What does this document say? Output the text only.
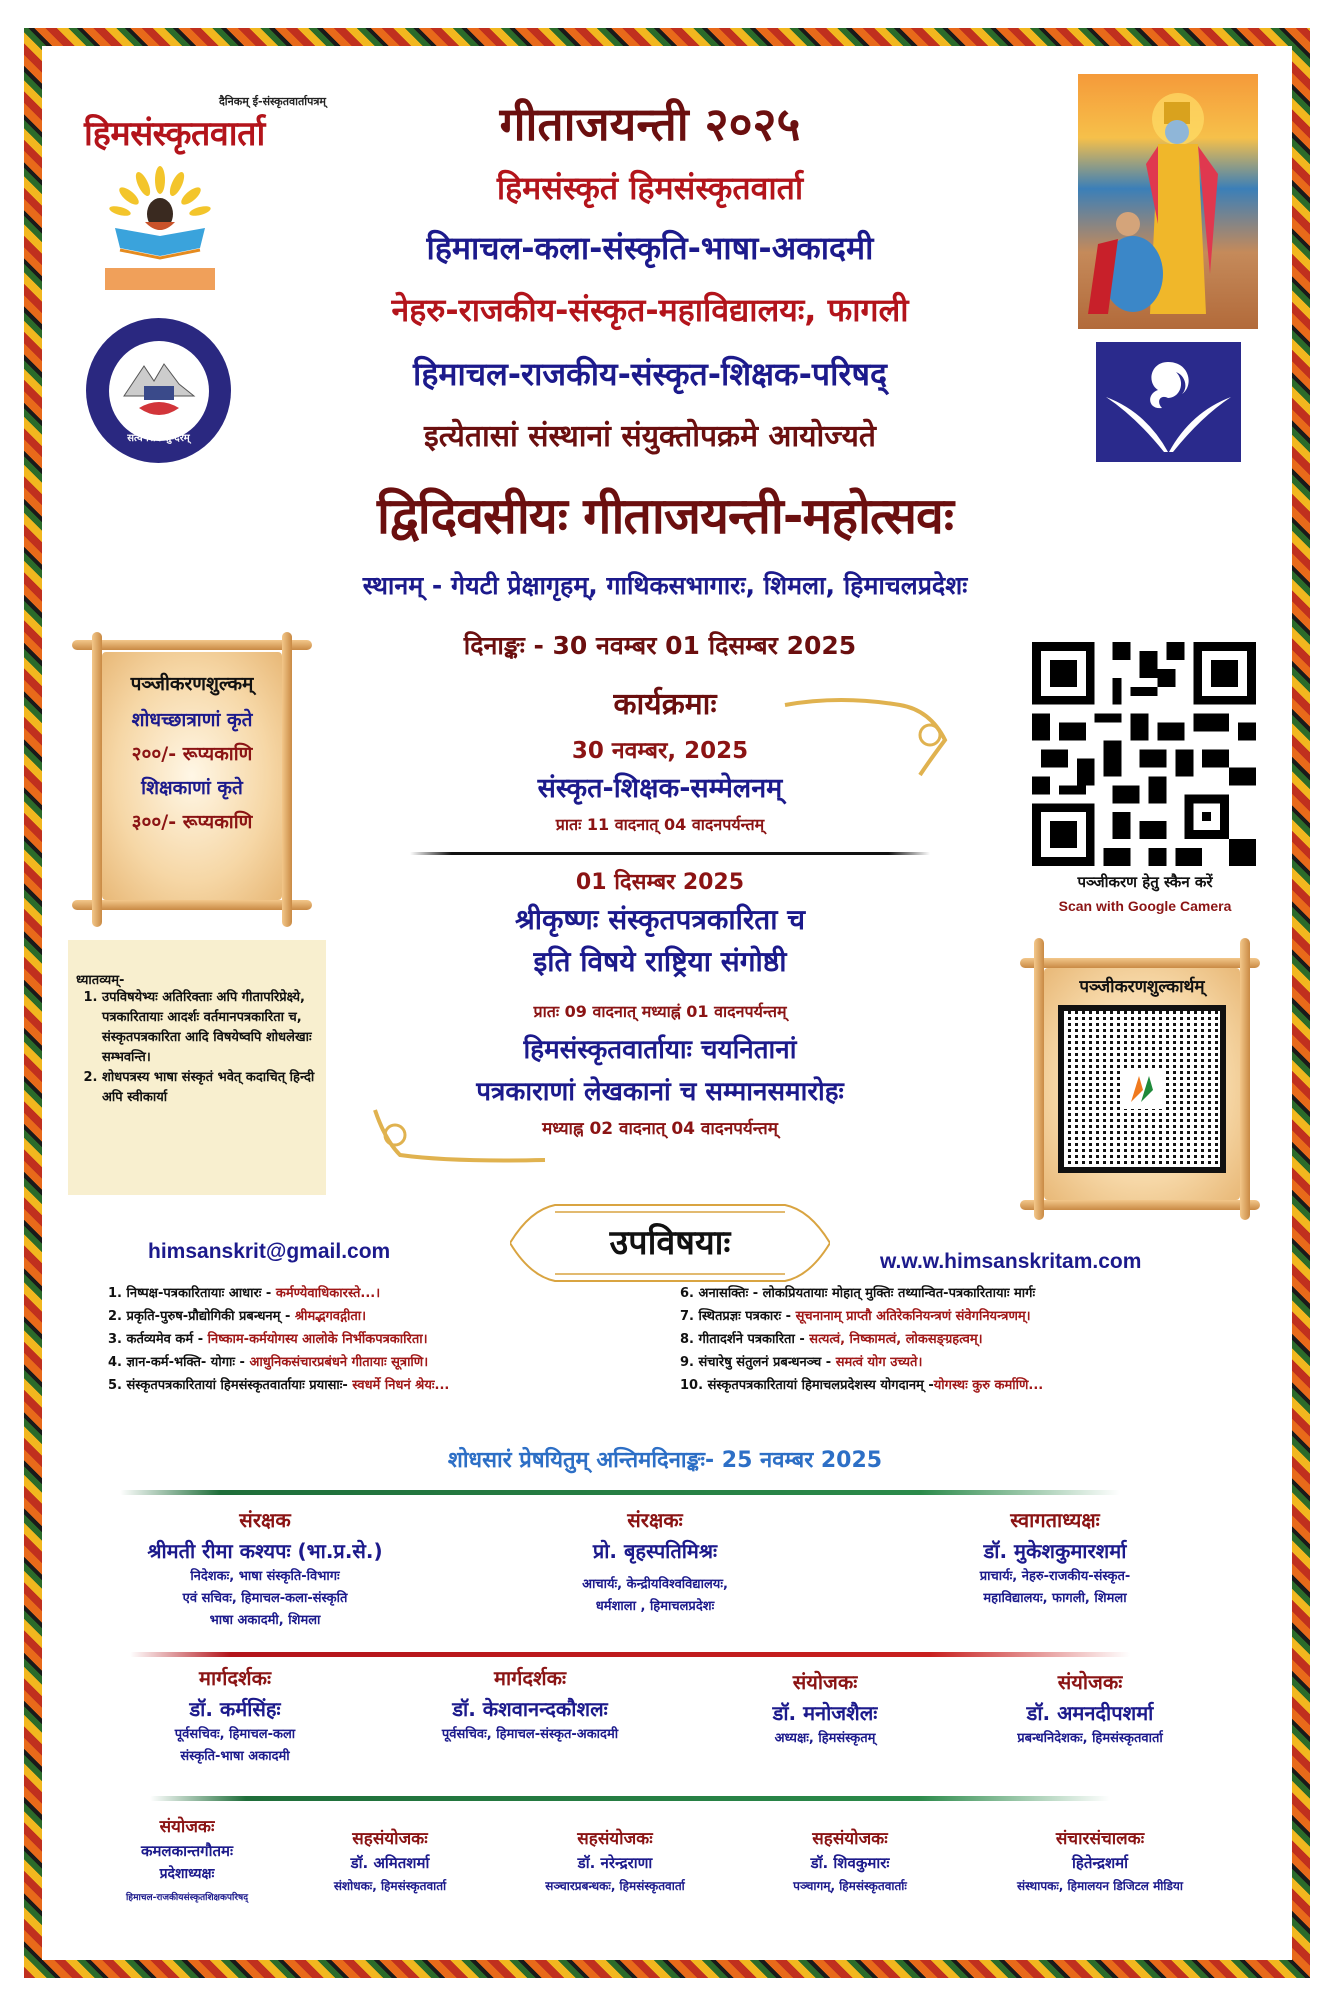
दैनिकम् ई-संस्कृतवार्तापत्रम्
हिमसंस्कृतवार्ता
सत्यं शिवं सुन्दरम्
गीताजयन्ती २०२५
हिमसंस्कृतं हिमसंस्कृतवार्ता
हिमाचल-कला-संस्कृति-भाषा-अकादमी
नेहरु-राजकीय-संस्कृत-महाविद्यालयः, फागली
हिमाचल-राजकीय-संस्कृत-शिक्षक-परिषद्
इत्येतासां संस्थानां संयुक्तोपक्रमे आयोज्यते
द्विदिवसीयः गीताजयन्ती-महोत्सवः
स्थानम् - गेयटी प्रेक्षागृहम्, गाथिकसभागारः, शिमला, हिमाचलप्रदेशः
दिनाङ्कः - 30 नवम्बर 01 दिसम्बर 2025
पञ्जीकरणशुल्कम्
शोधच्छात्राणां कृते
२००/- रूप्यकाणि
शिक्षकाणां कृते
३००/- रूप्यकाणि
ध्यातव्यम्-
1. उपविषयेभ्यः अतिरिक्ताः अपि गीतापरिप्रेक्ष्ये, पत्रकारितायाः आदर्शः वर्तमानपत्रकारिता च, संस्कृतपत्रकारिता आदि विषयेष्वपि शोधलेखाः सम्भवन्ति।
2. शोधपत्रस्य भाषा संस्कृतं भवेत् कदाचित् हिन्दी अपि स्वीकार्या
कार्यक्रमाः
30 नवम्बर, 2025
संस्कृत-शिक्षक-सम्मेलनम्
प्रातः 11 वादनात् 04 वादनपर्यन्तम्
01 दिसम्बर 2025
श्रीकृष्णः संस्कृतपत्रकारिता च
इति विषये राष्ट्रिया संगोष्ठी
प्रातः 09 वादनात् मध्याह्नं 01 वादनपर्यन्तम्
हिमसंस्कृतवार्तायाः चयनितानां
पत्रकाराणां लेखकानां च सम्मानसमारोहः
मध्याह्न 02 वादनात् 04 वादनपर्यन्तम्
पञ्जीकरण हेतु स्कैन करें
Scan with Google Camera
पञ्जीकरणशुल्कार्थम्
himsanskrit@gmail.com	w.w.w.himsanskritam.com
उपविषयाः
1. निष्पक्ष-पत्रकारितायाः आधारः - कर्मण्येवाधिकारस्ते...।
2. प्रकृति-पुरुष-प्रौद्योगिकी प्रबन्धनम् - श्रीमद्भगवद्गीता।
3. कर्तव्यमेव कर्म - निष्काम-कर्मयोगस्य आलोके निर्भीकपत्रकारिता।
4. ज्ञान-कर्म-भक्ति- योगाः - आधुनिकसंचारप्रबंधने गीतायाः सूत्राणि।
5. संस्कृतपत्रकारितायां हिमसंस्कृतवार्तायाः प्रयासाः- स्वधर्मे निधनं श्रेयः...
6. अनासक्तिः - लोकप्रियतायाः मोहात् मुक्तिः तथ्यान्वित-पत्रकारितायाः मार्गः
7. स्थितप्रज्ञः पत्रकारः - सूचनानाम् प्राप्तौ अतिरेकनियन्त्रणं संवेगनियन्त्रणम्।
8. गीतादर्शने पत्रकारिता - सत्यत्वं, निष्कामत्वं, लोकसङ्ग्रहत्वम्।
9. संचारेषु संतुलनं प्रबन्धनञ्च - समत्वं योग उच्यते।
10. संस्कृतपत्रकारितायां हिमाचलप्रदेशस्य योगदानम् -योगस्थः कुरु कर्माणि...
शोधसारं प्रेषयितुम् अन्तिमदिनाङ्कः- 25 नवम्बर 2025
संरक्षक
श्रीमती रीमा कश्यपः (भा.प्र.से.)
निदेशकः, भाषा संस्कृति-विभागः
एवं सचिवः, हिमाचल-कला-संस्कृति
भाषा अकादमी, शिमला
संरक्षकः
प्रो. बृहस्पतिमिश्रः
आचार्यः, केन्द्रीयविश्वविद्यालयः,
धर्मशाला , हिमाचलप्रदेशः
स्वागताध्यक्षः
डॉ. मुकेशकुमारशर्मा
प्राचार्यः, नेहरु-राजकीय-संस्कृत-
महाविद्यालयः, फागली, शिमला
मार्गदर्शकः
डॉ. कर्मसिंहः
पूर्वसचिवः, हिमाचल-कला
संस्कृति-भाषा अकादमी
मार्गदर्शकः
डॉ. केशवानन्दकौशलः
पूर्वसचिवः, हिमाचल-संस्कृत-अकादमी
संयोजकः
डॉ. मनोजशैलः
अध्यक्षः, हिमसंस्कृतम्
संयोजकः
डॉ. अमनदीपशर्मा
प्रबन्धनिदेशकः, हिमसंस्कृतवार्ता
संयोजकः
कमलकान्तगौतमः
प्रदेशाध्यक्षः
हिमाचल-राजकीयसंस्कृतशिक्षकपरिषद्
सहसंयोजकः
डॉ. अमितशर्मा
संशोधकः, हिमसंस्कृतवार्ता
सहसंयोजकः
डॉ. नरेन्द्रराणा
सञ्चारप्रबन्धकः, हिमसंस्कृतवार्ता
सहसंयोजकः
डॉ. शिवकुमारः
पञ्चागम्, हिमसंस्कृतवार्ताः
संचारसंचालकः
हितेन्द्रशर्मा
संस्थापकः, हिमालयन डिजिटल मीडिया
